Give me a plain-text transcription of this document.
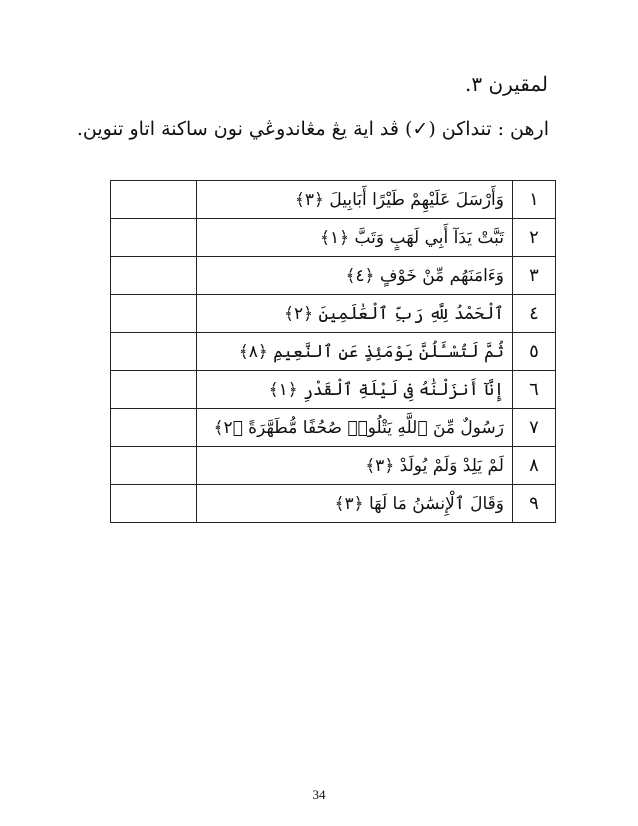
لمقيرن ٣.
ارهن : تنداكن (✓) ڤد اية يڠ مڠاندوڠي نون ساكنة اتاو تنوين.
١	وَأَرْسَلَ عَلَيْهِمْ طَيْرًا أَبَابِيلَ ﴿٣﴾	
٢	تَبَّتْ يَدَآ أَبِي لَهَبٍ وَتَبَّ ﴿١﴾	
٣	وَءَامَنَهُم مِّنْ خَوْفٍ ﴿٤﴾	
٤	ٱلْحَمْدُ لِلَّهِ رَبِّ ٱلْعَٰلَمِينَ ﴿٢﴾	
٥	ثُمَّ لَتُسْـَٔلُنَّ يَوْمَئِذٍ عَنِ ٱلنَّعِيمِ ﴿٨﴾	
٦	إِنَّآ أَنزَلْنَٰهُ فِى لَيْلَةِ ٱلْقَدْرِ ﴿١﴾	
٧	رَسُولٌ مِّنَ ٱللَّهِ يَتْلُوا۟ صُحُفًا مُّطَهَّرَةً ﴿٢﴾	
٨	لَمْ يَلِدْ وَلَمْ يُولَدْ ﴿٣﴾	
٩	وَقَالَ ٱلْإِنسَٰنُ مَا لَهَا ﴿٣﴾	
34
